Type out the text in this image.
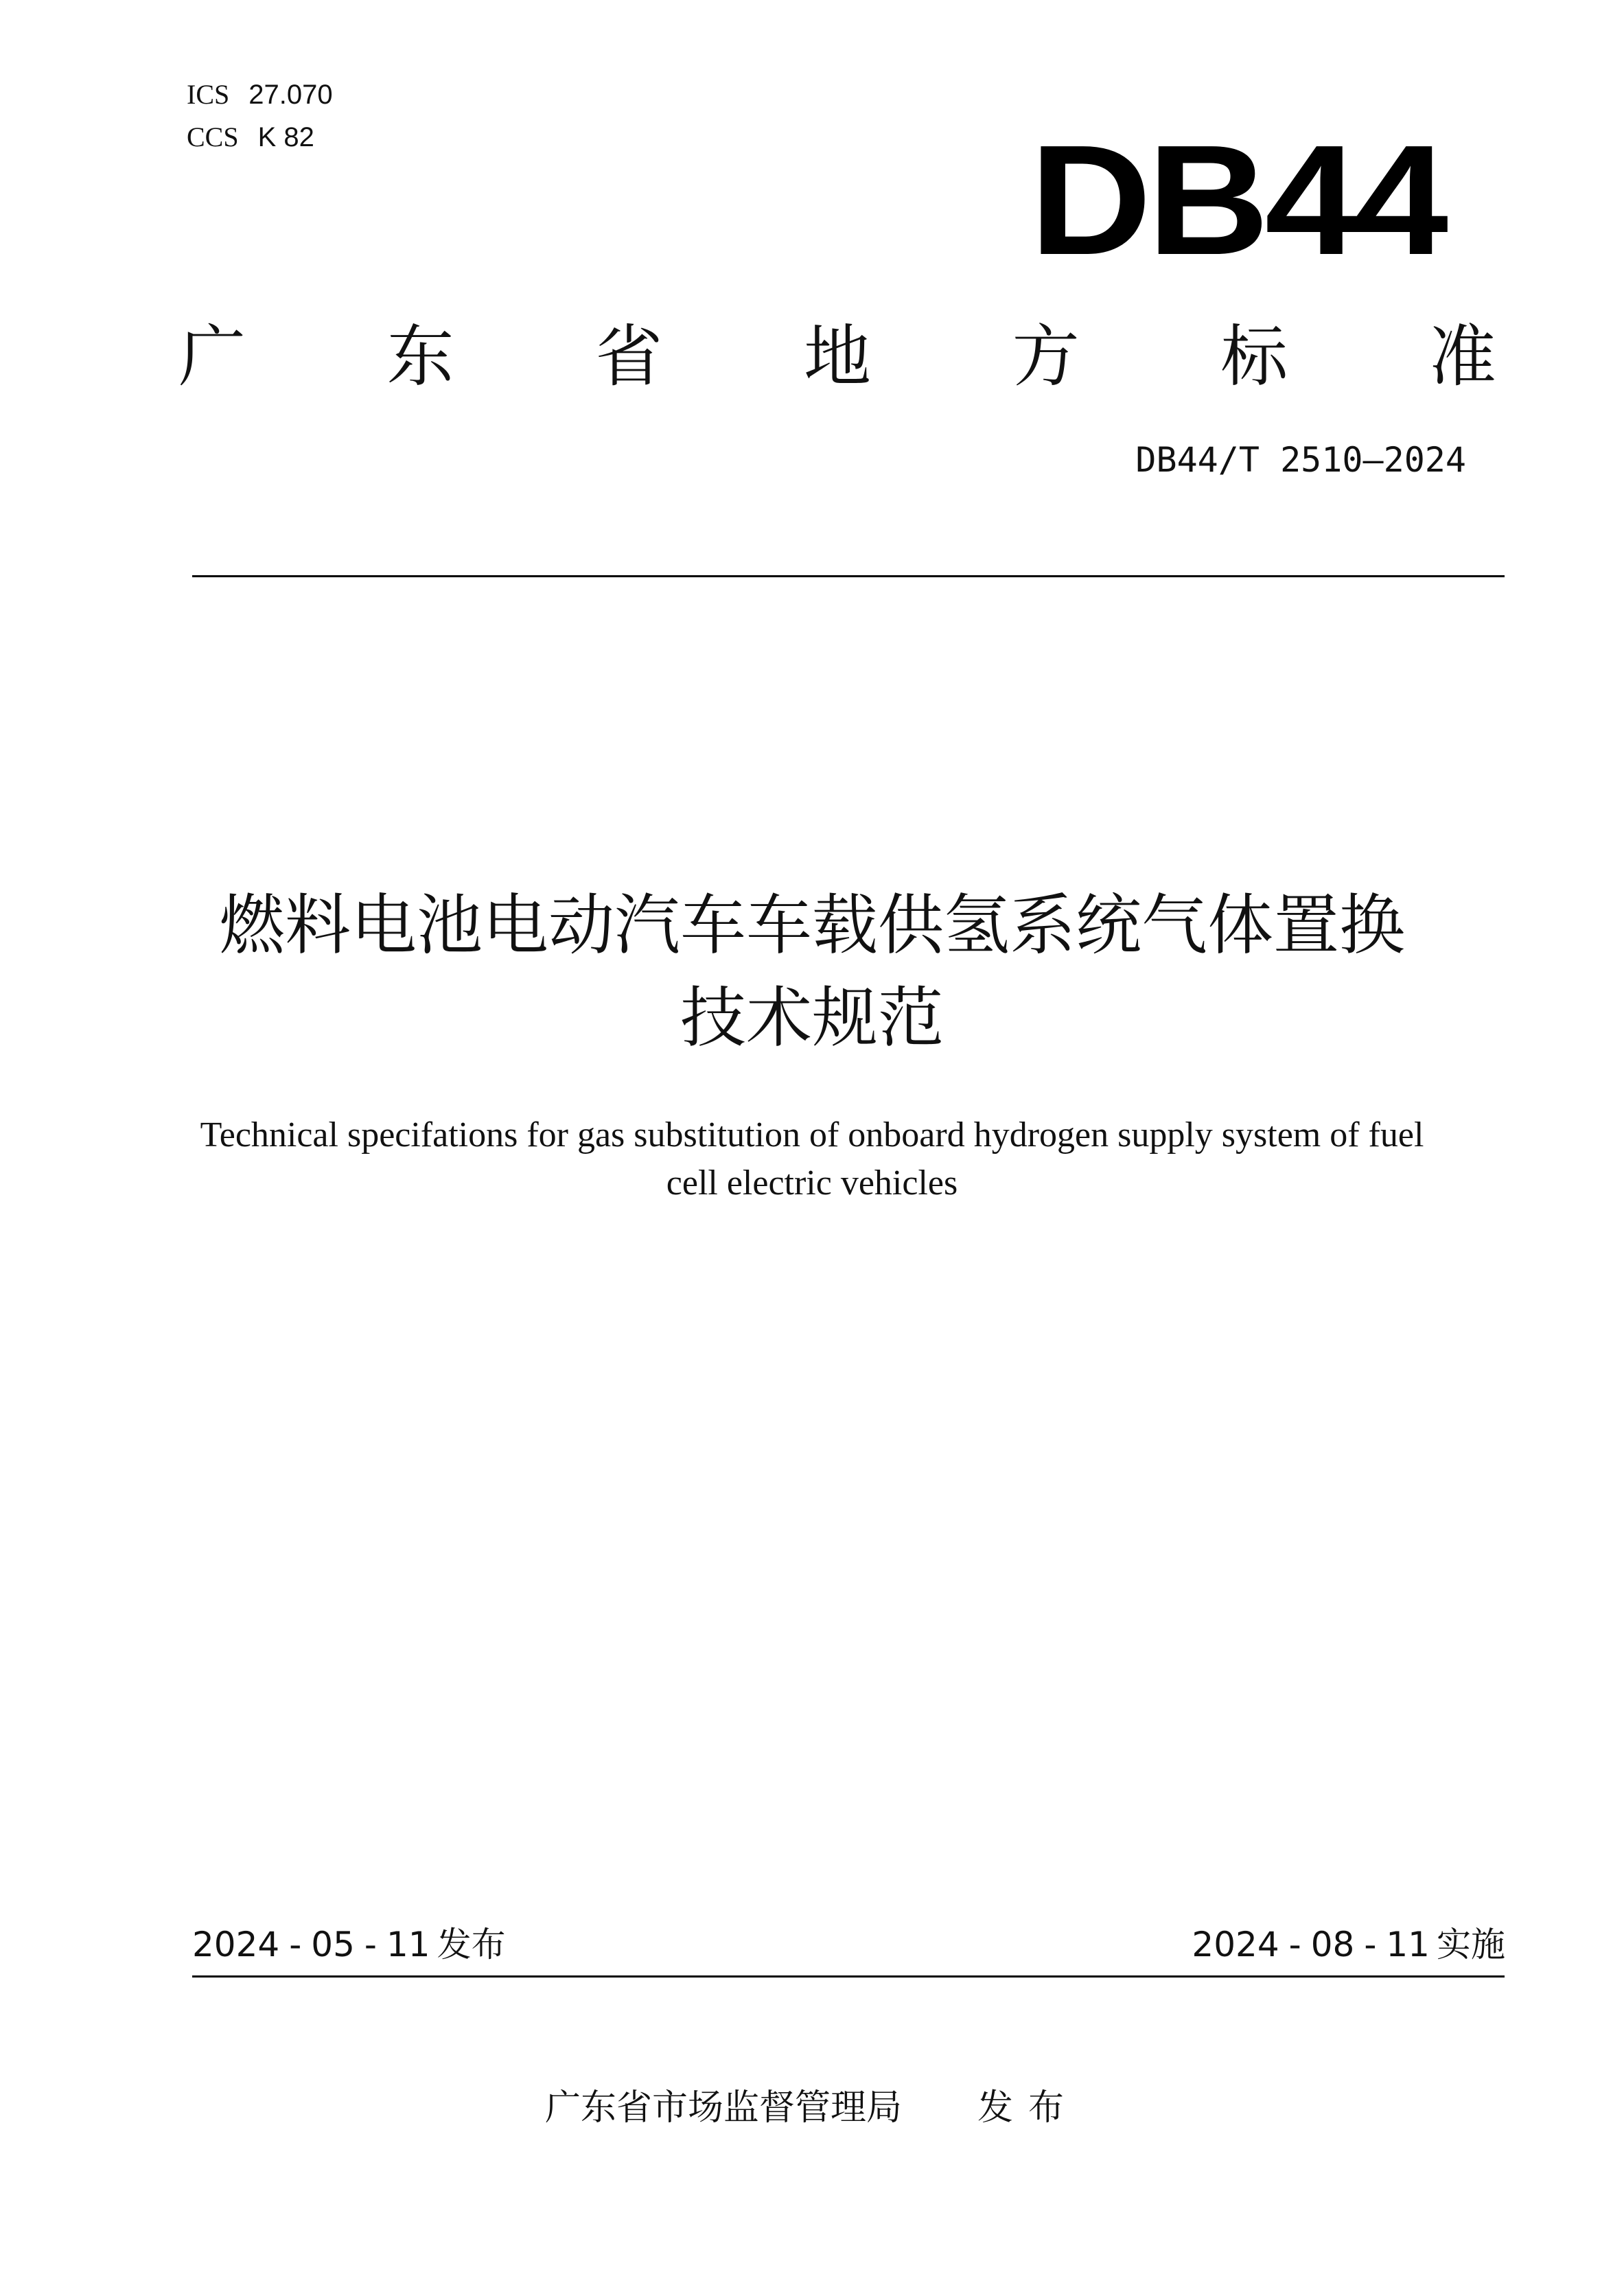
ICS 27.070
CCS K 82	DB44
广 东 省 地 方 标 准
DB44/T 2510—2024
燃料电池电动汽车车载供氢系统气体置换
技术规范
Technical specifations for gas substitution of onboard hydrogen supply system of fuel
cell electric vehicles
2024 - 05 - 11 发布	2024 - 08 - 11 实施
广东省市场监督管理局 发布
